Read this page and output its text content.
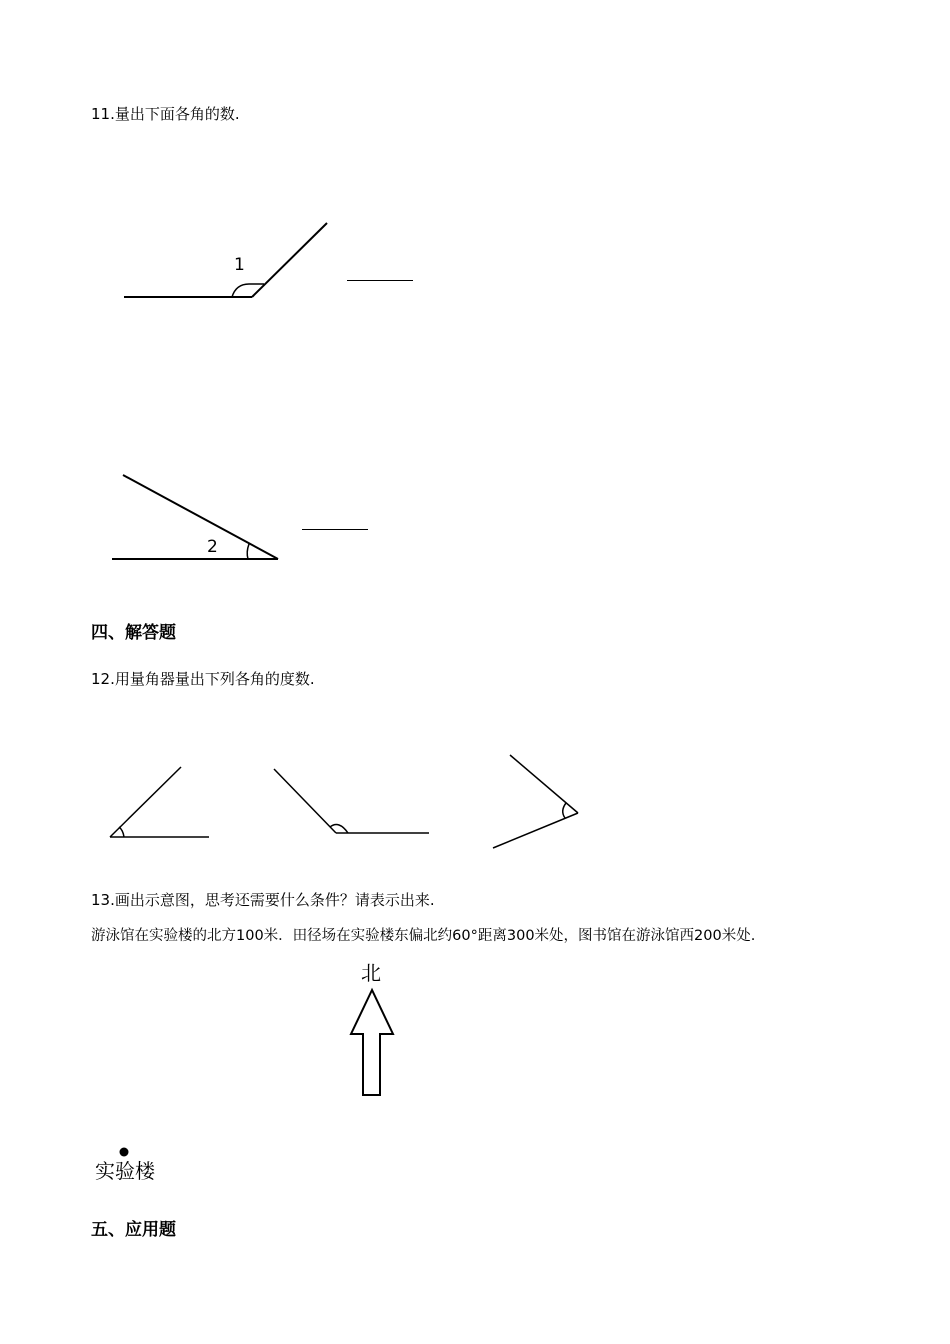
11.量出下面各角的数.
1
2
北
实验楼
四、解答题
12.用量角器量出下列各角的度数.
13.画出示意图，思考还需要什么条件？请表示出来.
游泳馆在实验楼的北方100米．田径场在实验楼东偏北约60°距离300米处，图书馆在游泳馆西200米处.
五、应用题
